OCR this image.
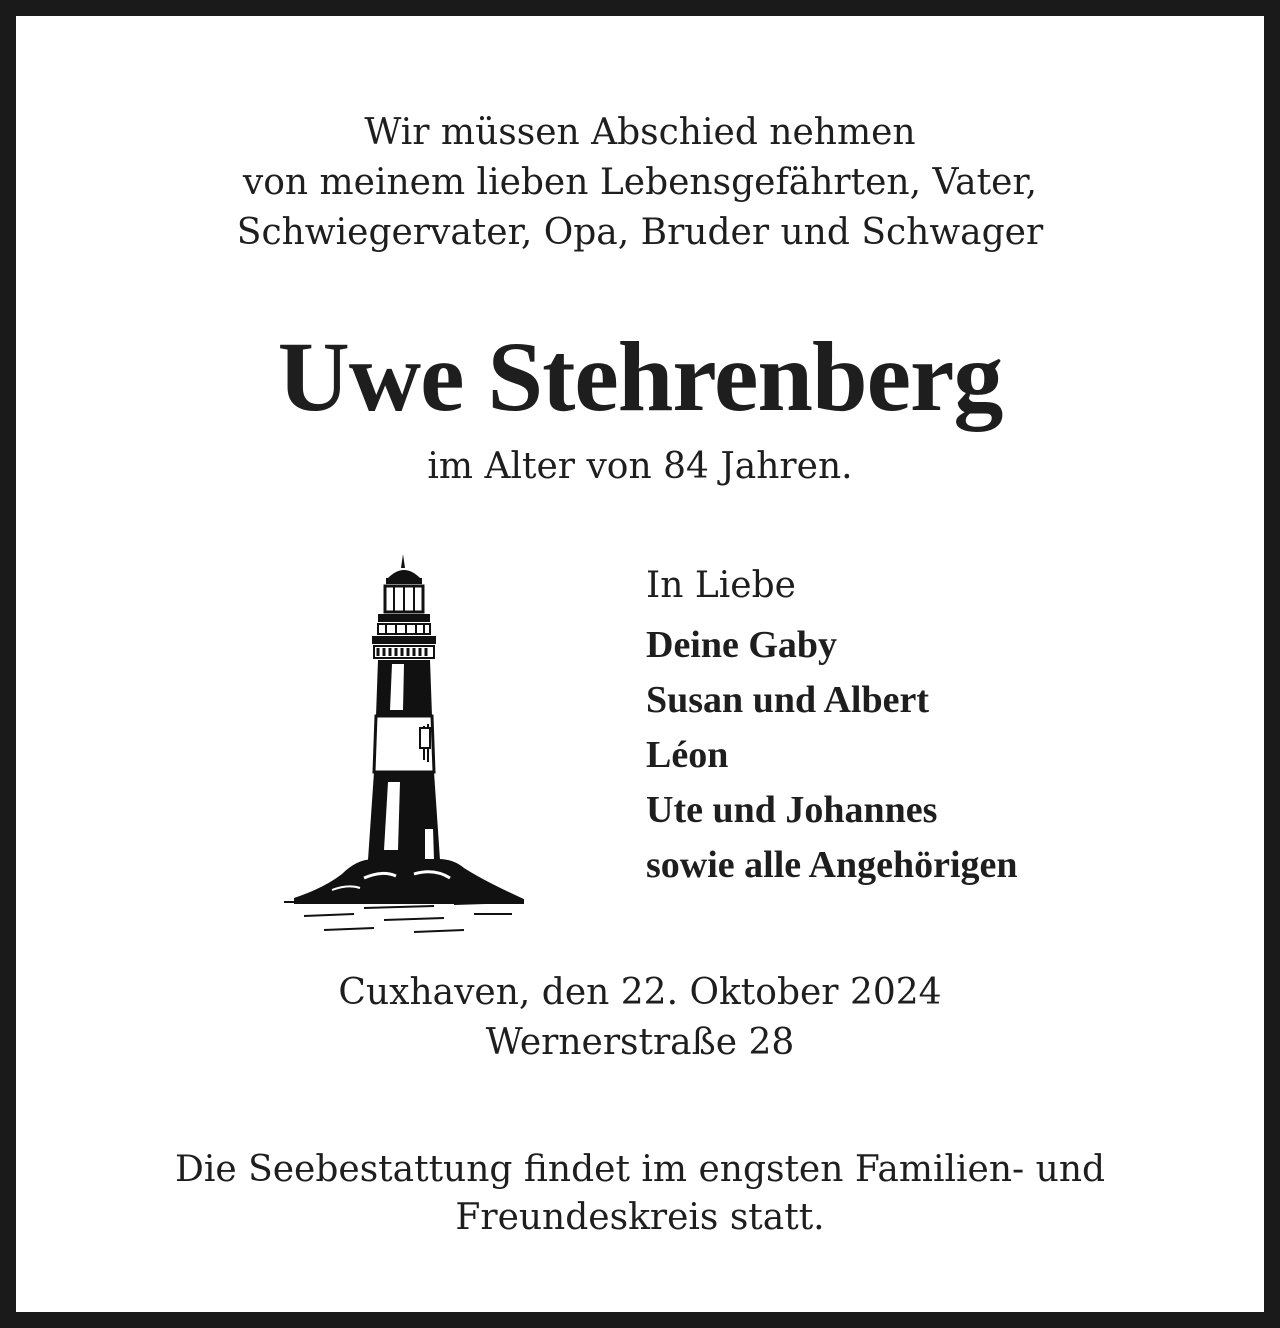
Wir müssen Abschied nehmen
von meinem lieben Lebensgefährten, Vater,
Schwiegervater, Opa, Bruder und Schwager
Uwe Stehrenberg
im Alter von 84 Jahren.
In Liebe
Deine Gaby
Susan und Albert
Léon
Ute und Johannes
sowie alle Angehörigen
Cuxhaven, den 22. Oktober 2024
Wernerstraße 28
Die Seebestattung findet im engsten Familien- und
Freundeskreis statt.
